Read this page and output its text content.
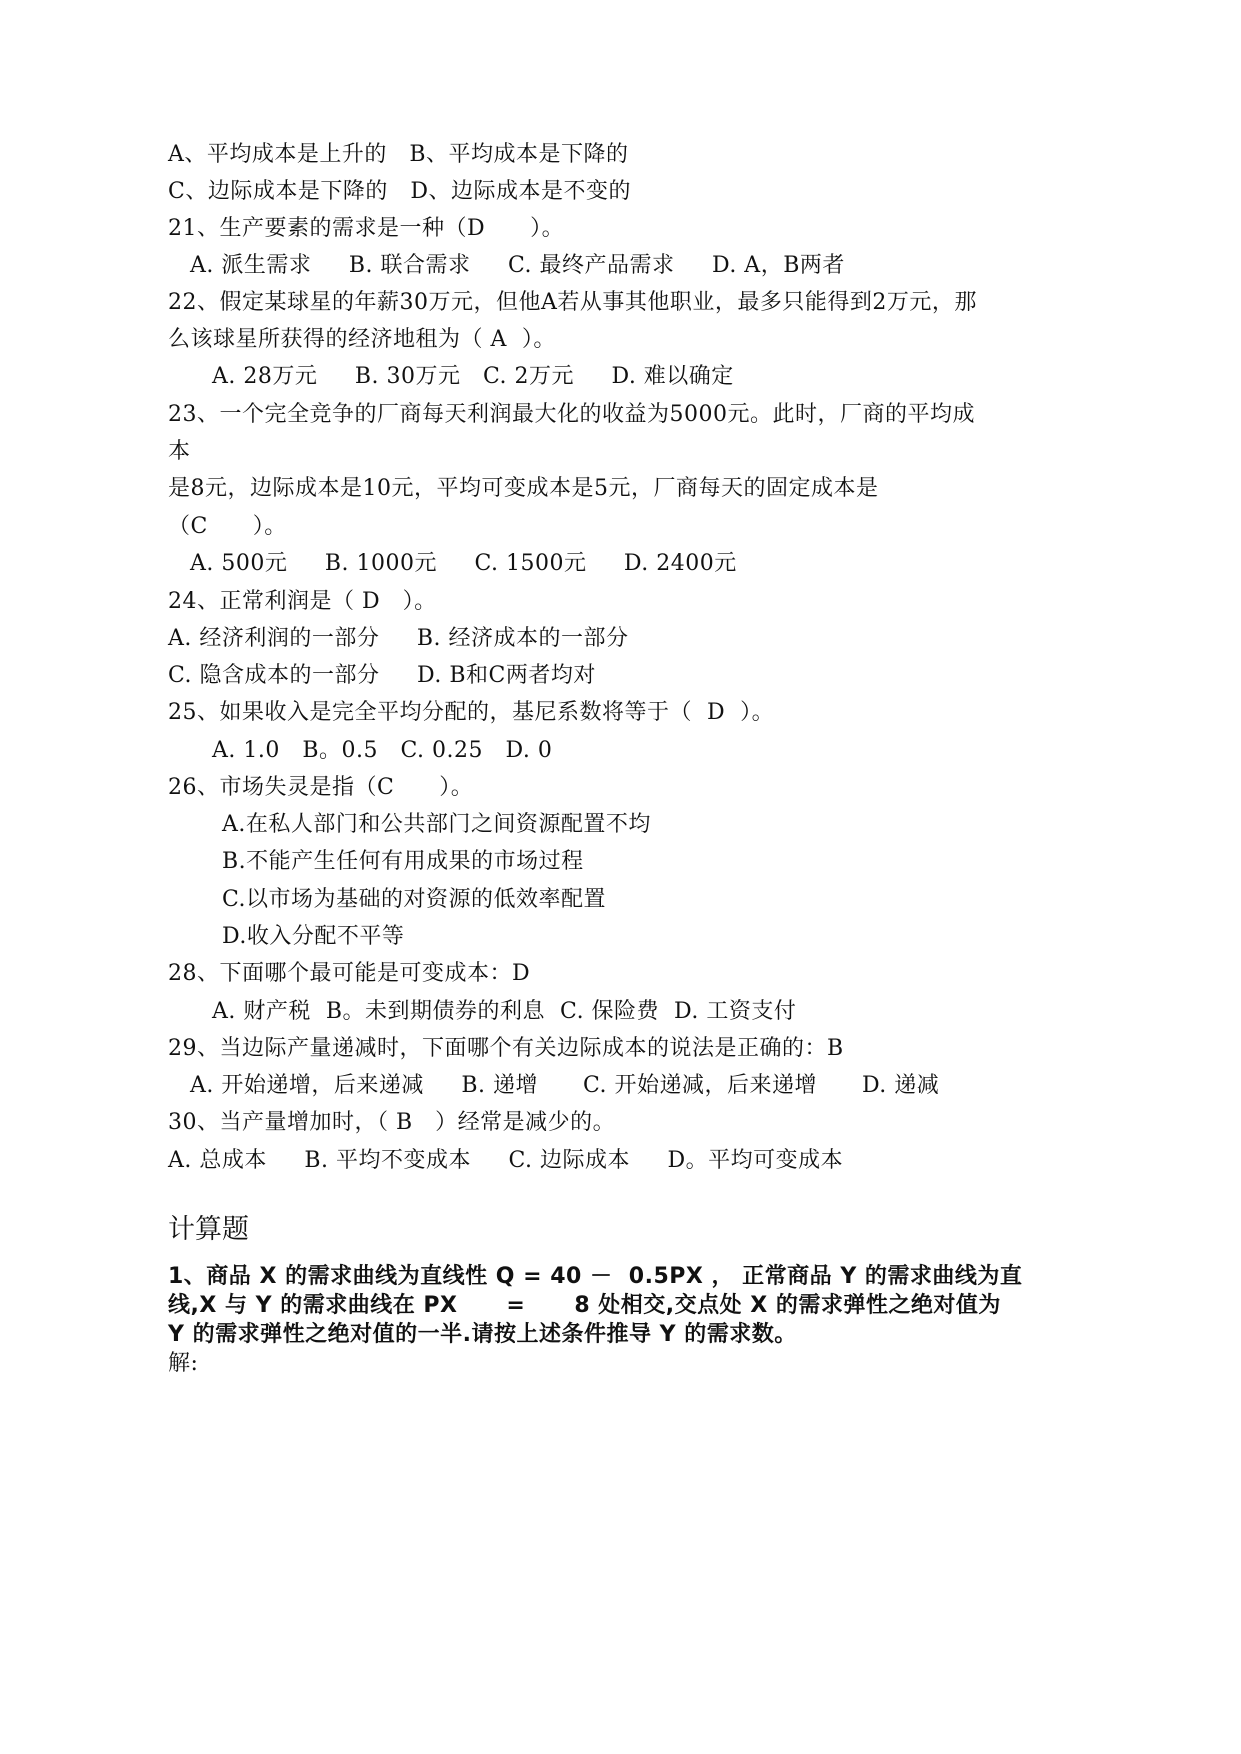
A、平均成本是上升的   B、平均成本是下降的
C、边际成本是下降的   D、边际成本是不变的
21、生产要素的需求是一种（D      ）。
A. 派生需求     B. 联合需求     C. 最终产品需求     D. A，B两者
22、假定某球星的年薪30万元，但他A若从事其他职业，最多只能得到2万元，那
么该球星所获得的经济地租为（ A  ）。
A. 28万元     B. 30万元   C. 2万元     D. 难以确定
23、一个完全竞争的厂商每天利润最大化的收益为5000元。此时，厂商的平均成
本
是8元，边际成本是10元，平均可变成本是5元，厂商每天的固定成本是
（C      ）。
A. 500元     B. 1000元     C. 1500元     D. 2400元
24、正常利润是（ D   ）。
A. 经济利润的一部分     B. 经济成本的一部分
C. 隐含成本的一部分     D. B和C两者均对
25、如果收入是完全平均分配的，基尼系数将等于（  D  ）。
A. 1.0   B。0.5   C. 0.25   D. 0
26、市场失灵是指（C      ）。
A.在私人部门和公共部门之间资源配置不均
B.不能产生任何有用成果的市场过程
C.以市场为基础的对资源的低效率配置
D.收入分配不平等
28、下面哪个最可能是可变成本：D
A. 财产税  B。未到期债券的利息  C. 保险费  D. 工资支付
29、当边际产量递减时，下面哪个有关边际成本的说法是正确的：B
A. 开始递增，后来递减     B. 递增      C. 开始递减，后来递增      D. 递减
30、当产量增加时，（ B   ）经常是减少的。
A. 总成本     B. 平均不变成本     C. 边际成本     D。平均可变成本
计算题
1、商品 X 的需求曲线为直线性 Q = 40 －  0.5PX ， 正常商品 Y 的需求曲线为直
线,X 与 Y 的需求曲线在 PX      =      8 处相交,交点处 X 的需求弹性之绝对值为
Y 的需求弹性之绝对值的一半.请按上述条件推导 Y 的需求数。
解:
